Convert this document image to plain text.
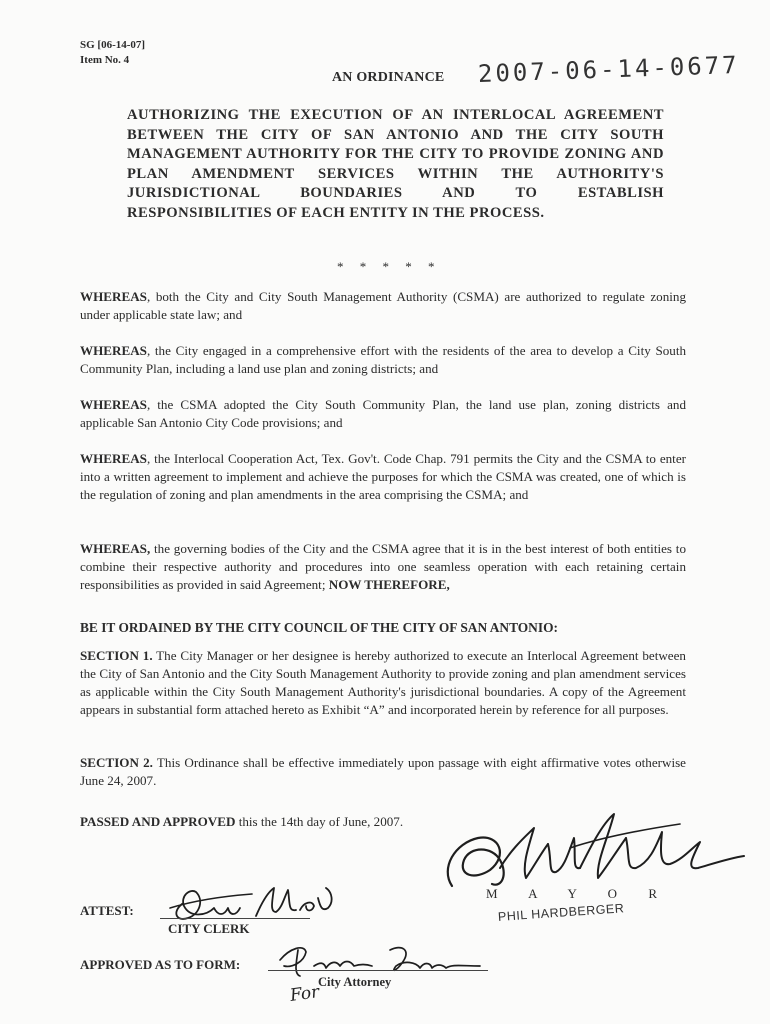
SG [06-14-07]
Item No. 4
AN ORDINANCE 2007-06-14-0677
AUTHORIZING THE EXECUTION OF AN INTERLOCAL AGREEMENT BETWEEN THE CITY OF SAN ANTONIO AND THE CITY SOUTH MANAGEMENT AUTHORITY FOR THE CITY TO PROVIDE ZONING AND PLAN AMENDMENT SERVICES WITHIN THE AUTHORITY'S JURISDICTIONAL BOUNDARIES AND TO ESTABLISH RESPONSIBILITIES OF EACH ENTITY IN THE PROCESS.
* * * * *

WHEREAS, both the City and City South Management Authority (CSMA) are authorized to regulate zoning under applicable state law; and

WHEREAS, the City engaged in a comprehensive effort with the residents of the area to develop a City South Community Plan, including a land use plan and zoning districts; and

WHEREAS, the CSMA adopted the City South Community Plan, the land use plan, zoning districts and applicable San Antonio City Code provisions; and

WHEREAS, the Interlocal Cooperation Act, Tex. Gov't. Code Chap. 791 permits the City and the CSMA to enter into a written agreement to implement and achieve the purposes for which the CSMA was created, one of which is the regulation of zoning and plan amendments in the area comprising the CSMA; and

WHEREAS, the governing bodies of the City and the CSMA agree that it is in the best interest of both entities to combine their respective authority and procedures into one seamless operation with each retaining certain responsibilities as provided in said Agreement; NOW THEREFORE,

BE IT ORDAINED BY THE CITY COUNCIL OF THE CITY OF SAN ANTONIO:

SECTION 1. The City Manager or her designee is hereby authorized to execute an Interlocal Agreement between the City of San Antonio and the City South Management Authority to provide zoning and plan amendment services as applicable within the City South Management Authority's jurisdictional boundaries. A copy of the Agreement appears in substantial form attached hereto as Exhibit “A” and incorporated herein by reference for all purposes.

SECTION 2. This Ordinance shall be effective immediately upon passage with eight affirmative votes otherwise June 24, 2007.

PASSED AND APPROVED this the 14th day of June, 2007.
M A Y O R
PHIL HARDBERGER
ATTEST:
CITY CLERK
APPROVED AS TO FORM:
For
City Attorney
